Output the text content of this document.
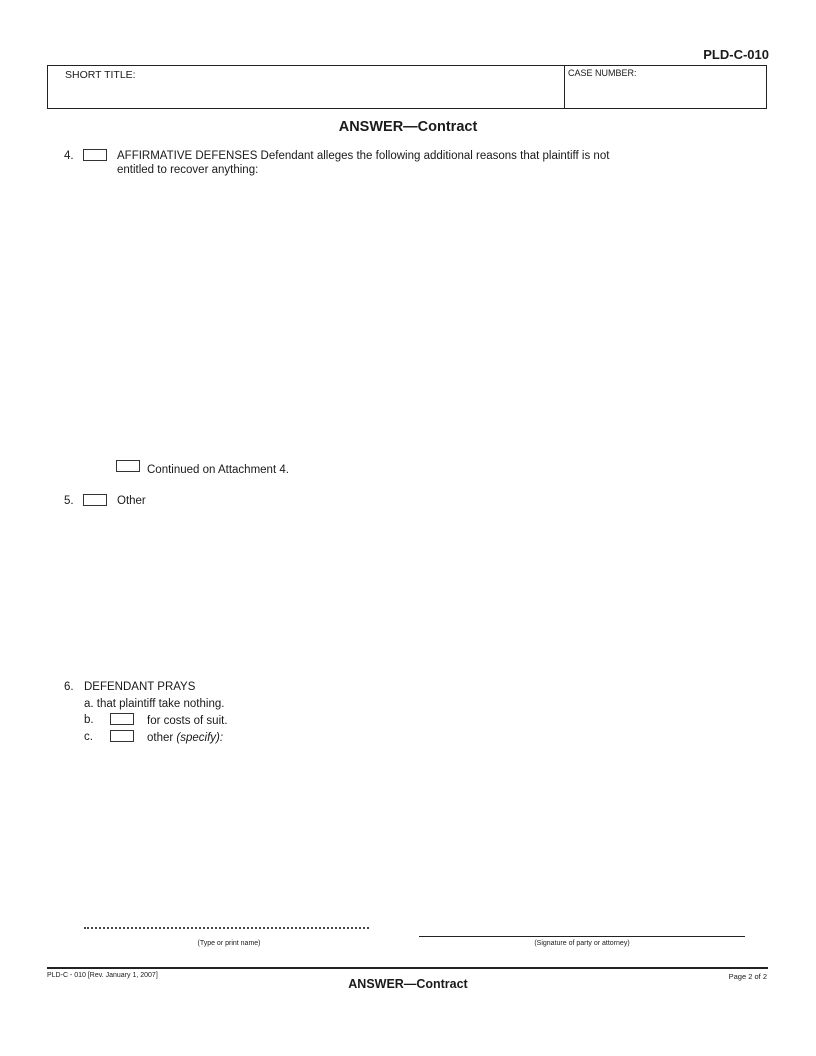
PLD-C-010
SHORT TITLE:	CASE NUMBER:
ANSWER—Contract
4.	AFFIRMATIVE DEFENSES Defendant alleges the following additional reasons that plaintiff is not
entitled to recover anything:
Continued on Attachment 4.
5.	Other
6. DEFENDANT PRAYS
a. that plaintiff take nothing.
b.	for costs of suit.
c.	other (specify):
(Type or print name)	(Signature of party or attorney)
PLD-C - 010 [Rev. January 1, 2007]
ANSWER—Contract
Page 2 of 2
